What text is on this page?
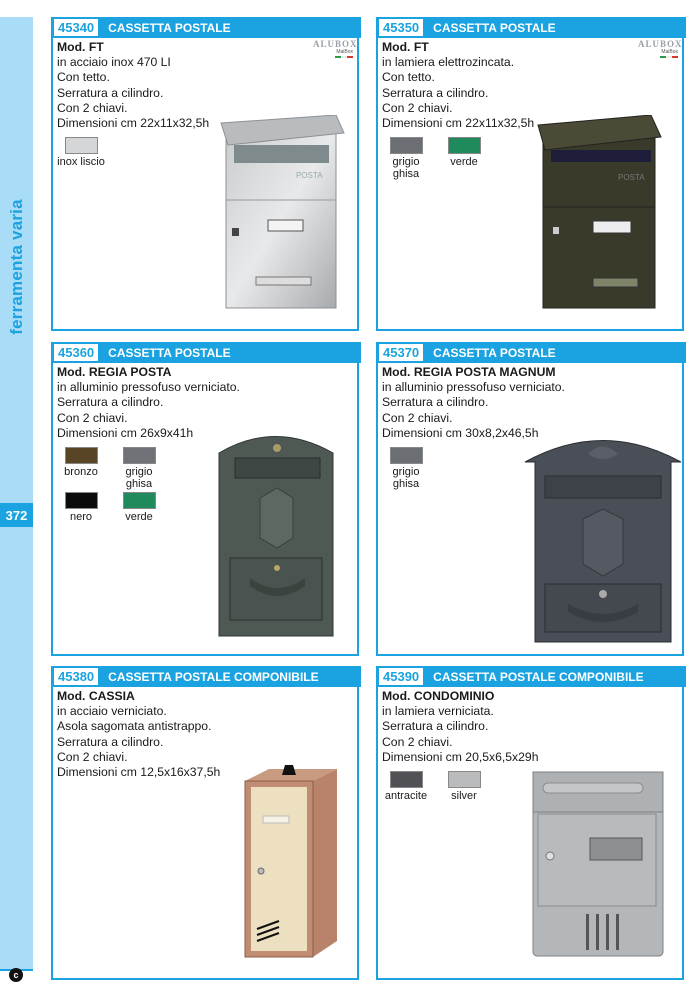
ferramenta varia
372
c
45340	CASSETTA POSTALE
ALUBOX
MaiBox
Mod. FT
in acciaio inox 470 LI
Con tetto.
Serratura a cilindro.
Con 2 chiavi.
Dimensioni cm 22x11x32,5h
inox liscio
POSTA
45350	CASSETTA POSTALE
ALUBOX
MaiBox
Mod. FT
in lamiera elettrozincata.
Con tetto.
Serratura a cilindro.
Con 2 chiavi.
Dimensioni cm 22x11x32,5h
grigio ghisa
verde
POSTA
45360	CASSETTA POSTALE
Mod. REGIA POSTA
in alluminio pressofuso verniciato.
Serratura a cilindro.
Con 2 chiavi.
Dimensioni cm 26x9x41h
bronzo	grigio ghisa
nero	verde
45370	CASSETTA POSTALE
Mod. REGIA POSTA MAGNUM
in alluminio pressofuso verniciato.
Serratura a cilindro.
Con 2 chiavi.
Dimensioni cm 30x8,2x46,5h
grigio ghisa
45380	CASSETTA POSTALE COMPONIBILE
Mod. CASSIA
in acciaio verniciato.
Asola sagomata antistrappo.
Serratura a cilindro.
Con 2 chiavi.
Dimensioni cm 12,5x16x37,5h
45390	CASSETTA POSTALE COMPONIBILE
Mod. CONDOMINIO
in lamiera verniciata.
Serratura a cilindro.
Con 2 chiavi.
Dimensioni cm 20,5x6,5x29h
antracite	silver
